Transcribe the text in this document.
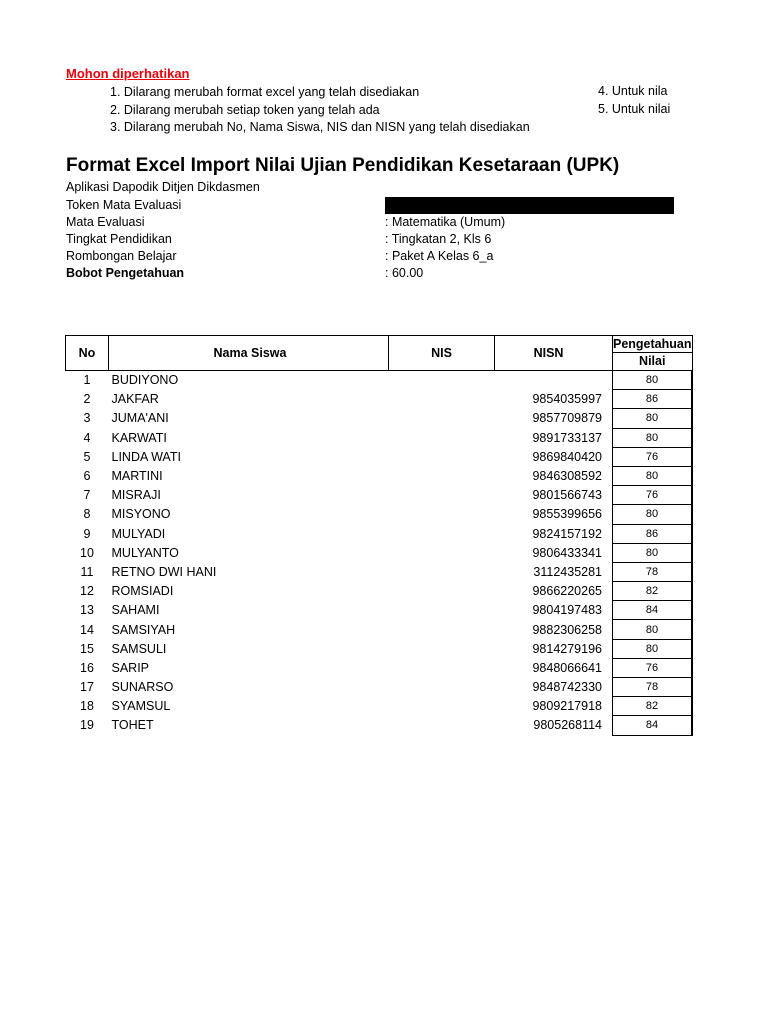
Mohon diperhatikan
1. Dilarang merubah format excel yang telah disediakan
2. Dilarang merubah setiap token yang telah ada
3. Dilarang merubah No, Nama Siswa, NIS dan NISN yang telah disediakan
4. Untuk nila
5. Untuk nilai
Format Excel Import Nilai Ujian Pendidikan Kesetaraan (UPK)
Aplikasi Dapodik Ditjen Dikdasmen
Token Mata Evaluasi
Mata Evaluasi	: Matematika (Umum)
Tingkat Pendidikan	: Tingkatan 2, Kls 6
Rombongan Belajar	: Paket A Kelas 6_a
Bobot Pengetahuan	: 60.00
No	Nama Siswa	NIS	NISN	Pengetahuan
Nilai

1	BUDIYONO			80
2	JAKFAR		9854035997	86
3	JUMA'ANI		9857709879	80
4	KARWATI		9891733137	80
5	LINDA WATI		9869840420	76
6	MARTINI		9846308592	80
7	MISRAJI		9801566743	76
8	MISYONO		9855399656	80
9	MULYADI		9824157192	86
10	MULYANTO		9806433341	80
11	RETNO DWI HANI		3112435281	78
12	ROMSIADI		9866220265	82
13	SAHAMI		9804197483	84
14	SAMSIYAH		9882306258	80
15	SAMSULI		9814279196	80
16	SARIP		9848066641	76
17	SUNARSO		9848742330	78
18	SYAMSUL		9809217918	82
19	TOHET		9805268114	84
